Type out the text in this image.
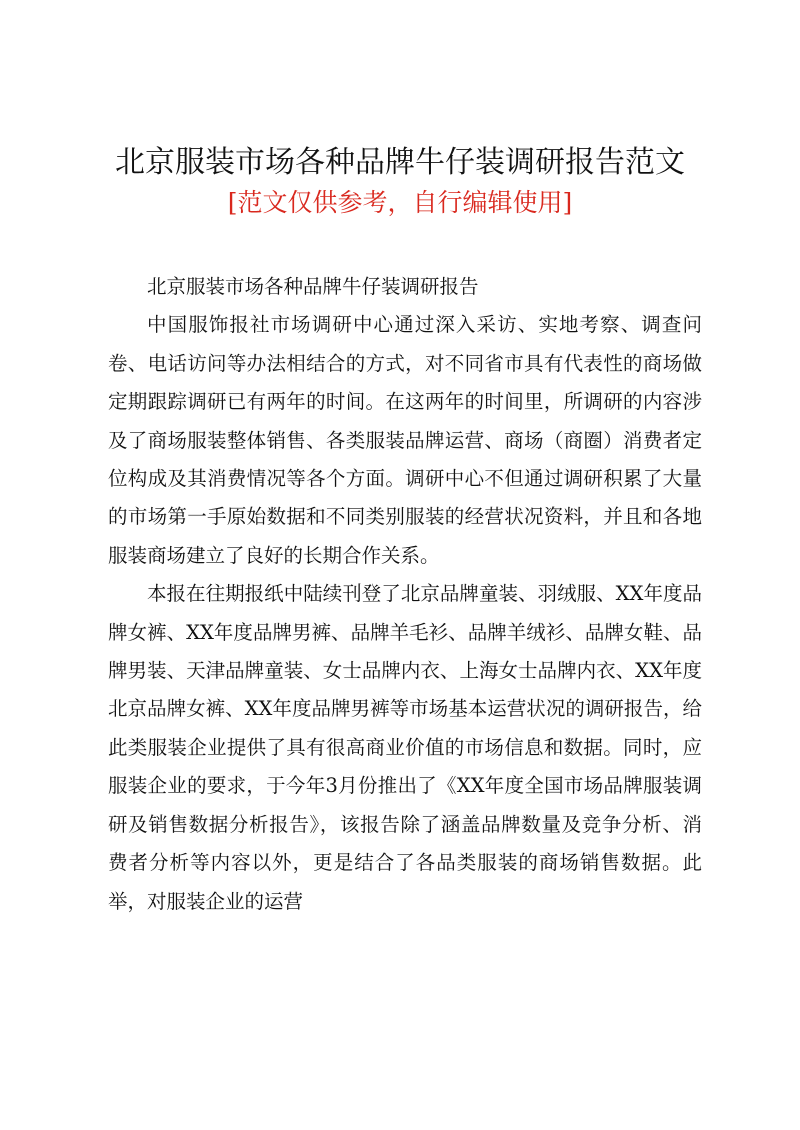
北京服装市场各种品牌牛仔装调研报告范文
[范文仅供参考，自行编辑使用]

北京服装市场各种品牌牛仔装调研报告

中国服饰报社市场调研中心通过深入采访、实地考察、调查问卷、电话访问等办法相结合的方式，对不同省市具有代表性的商场做定期跟踪调研已有两年的时间。在这两年的时间里，所调研的内容涉及了商场服装整体销售、各类服装品牌运营、商场（商圈）消费者定位构成及其消费情况等各个方面。调研中心不但通过调研积累了大量的市场第一手原始数据和不同类别服装的经营状况资料，并且和各地服装商场建立了良好的长期合作关系。

本报在往期报纸中陆续刊登了北京品牌童装、羽绒服、XX年度品牌女裤、XX年度品牌男裤、品牌羊毛衫、品牌羊绒衫、品牌女鞋、品牌男装、天津品牌童装、女士品牌内衣、上海女士品牌内衣、XX年度北京品牌女裤、XX年度品牌男裤等市场基本运营状况的调研报告，给此类服装企业提供了具有很高商业价值的市场信息和数据。同时，应服装企业的要求，于今年3月份推出了《XX年度全国市场品牌服装调研及销售数据分析报告》，该报告除了涵盖品牌数量及竞争分析、消费者分析等内容以外，更是结合了各品类服装的商场销售数据。此举，对服装企业的运营
